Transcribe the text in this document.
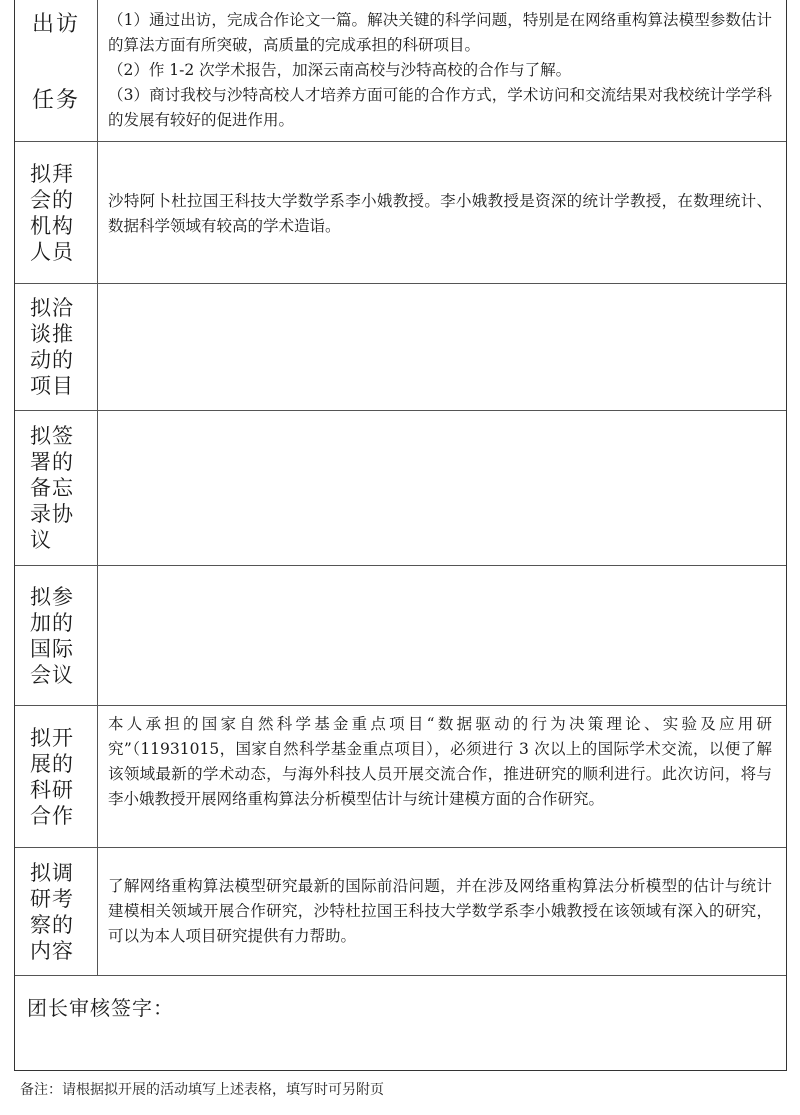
出访
任务

（1）通过出访，完成合作论文一篇。解决关键的科学问题，特别是在网络重构算法模型参数估计的算法方面有所突破，高质量的完成承担的科研项目。

（2）作 1-2 次学术报告，加深云南高校与沙特高校的合作与了解。

（3）商讨我校与沙特高校人才培养方面可能的合作方式，学术访问和交流结果对我校统计学学科的发展有较好的促进作用。

拟拜会的机构人员
沙特阿卜杜拉国王科技大学数学系李小娥教授。李小娥教授是资深的统计学教授，在数理统计、数据科学领域有较高的学术造诣。
拟洽谈推动的项目
拟签署的备忘录协议
拟参加的国际会议
拟开展的科研合作
本人承担的国家自然科学基金重点项目“数据驱动的行为决策理论、实验及应用研究”（11931015，国家自然科学基金重点项目），必须进行 3 次以上的国际学术交流，以便了解该领域最新的学术动态，与海外科技人员开展交流合作，推进研究的顺利进行。此次访问，将与李小娥教授开展网络重构算法分析模型估计与统计建模方面的合作研究。
拟调研考察的内容
了解网络重构算法模型研究最新的国际前沿问题，并在涉及网络重构算法分析模型的估计与统计建模相关领域开展合作研究，沙特杜拉国王科技大学数学系李小娥教授在该领域有深入的研究，可以为本人项目研究提供有力帮助。
团长审核签字：
备注：请根据拟开展的活动填写上述表格，填写时可另附页
